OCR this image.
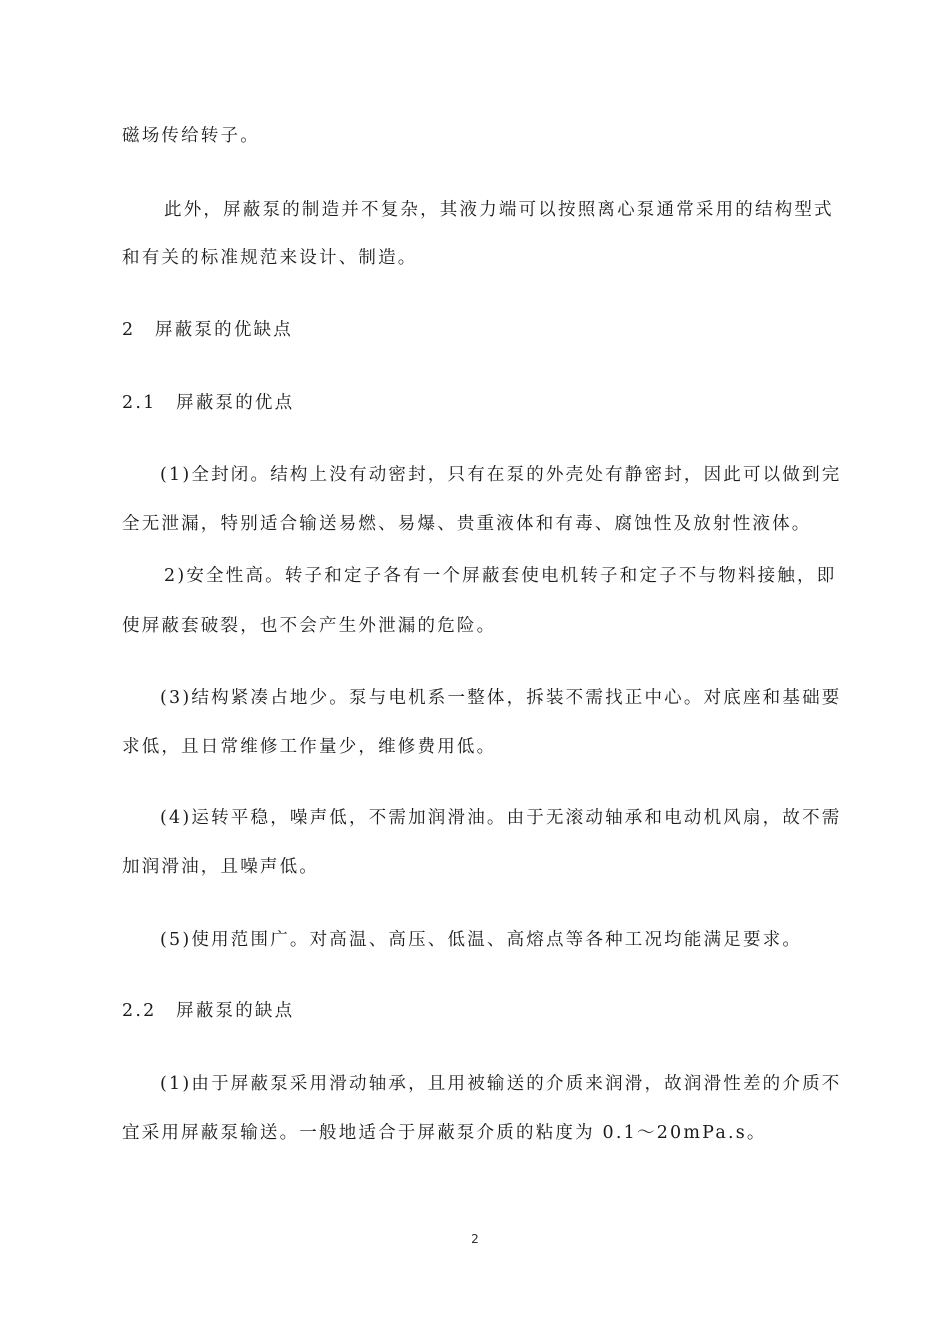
磁场传给转子。
此外，屏蔽泵的制造并不复杂，其液力端可以按照离心泵通常采用的结构型式
和有关的标准规范来设计、制造。
2　屏蔽泵的优缺点
2.1　屏蔽泵的优点
(1)全封闭。结构上没有动密封，只有在泵的外壳处有静密封，因此可以做到完
全无泄漏，特别适合输送易燃、易爆、贵重液体和有毒、腐蚀性及放射性液体。
2)安全性高。转子和定子各有一个屏蔽套使电机转子和定子不与物料接触，即
使屏蔽套破裂，也不会产生外泄漏的危险。
(3)结构紧凑占地少。泵与电机系一整体，拆装不需找正中心。对底座和基础要
求低，且日常维修工作量少，维修费用低。
(4)运转平稳，噪声低，不需加润滑油。由于无滚动轴承和电动机风扇，故不需
加润滑油，且噪声低。
(5)使用范围广。对高温、高压、低温、高熔点等各种工况均能满足要求。
2.2　屏蔽泵的缺点
(1)由于屏蔽泵采用滑动轴承，且用被输送的介质来润滑，故润滑性差的介质不
宜采用屏蔽泵输送。一般地适合于屏蔽泵介质的粘度为 0.1～20mPa.s。
2
